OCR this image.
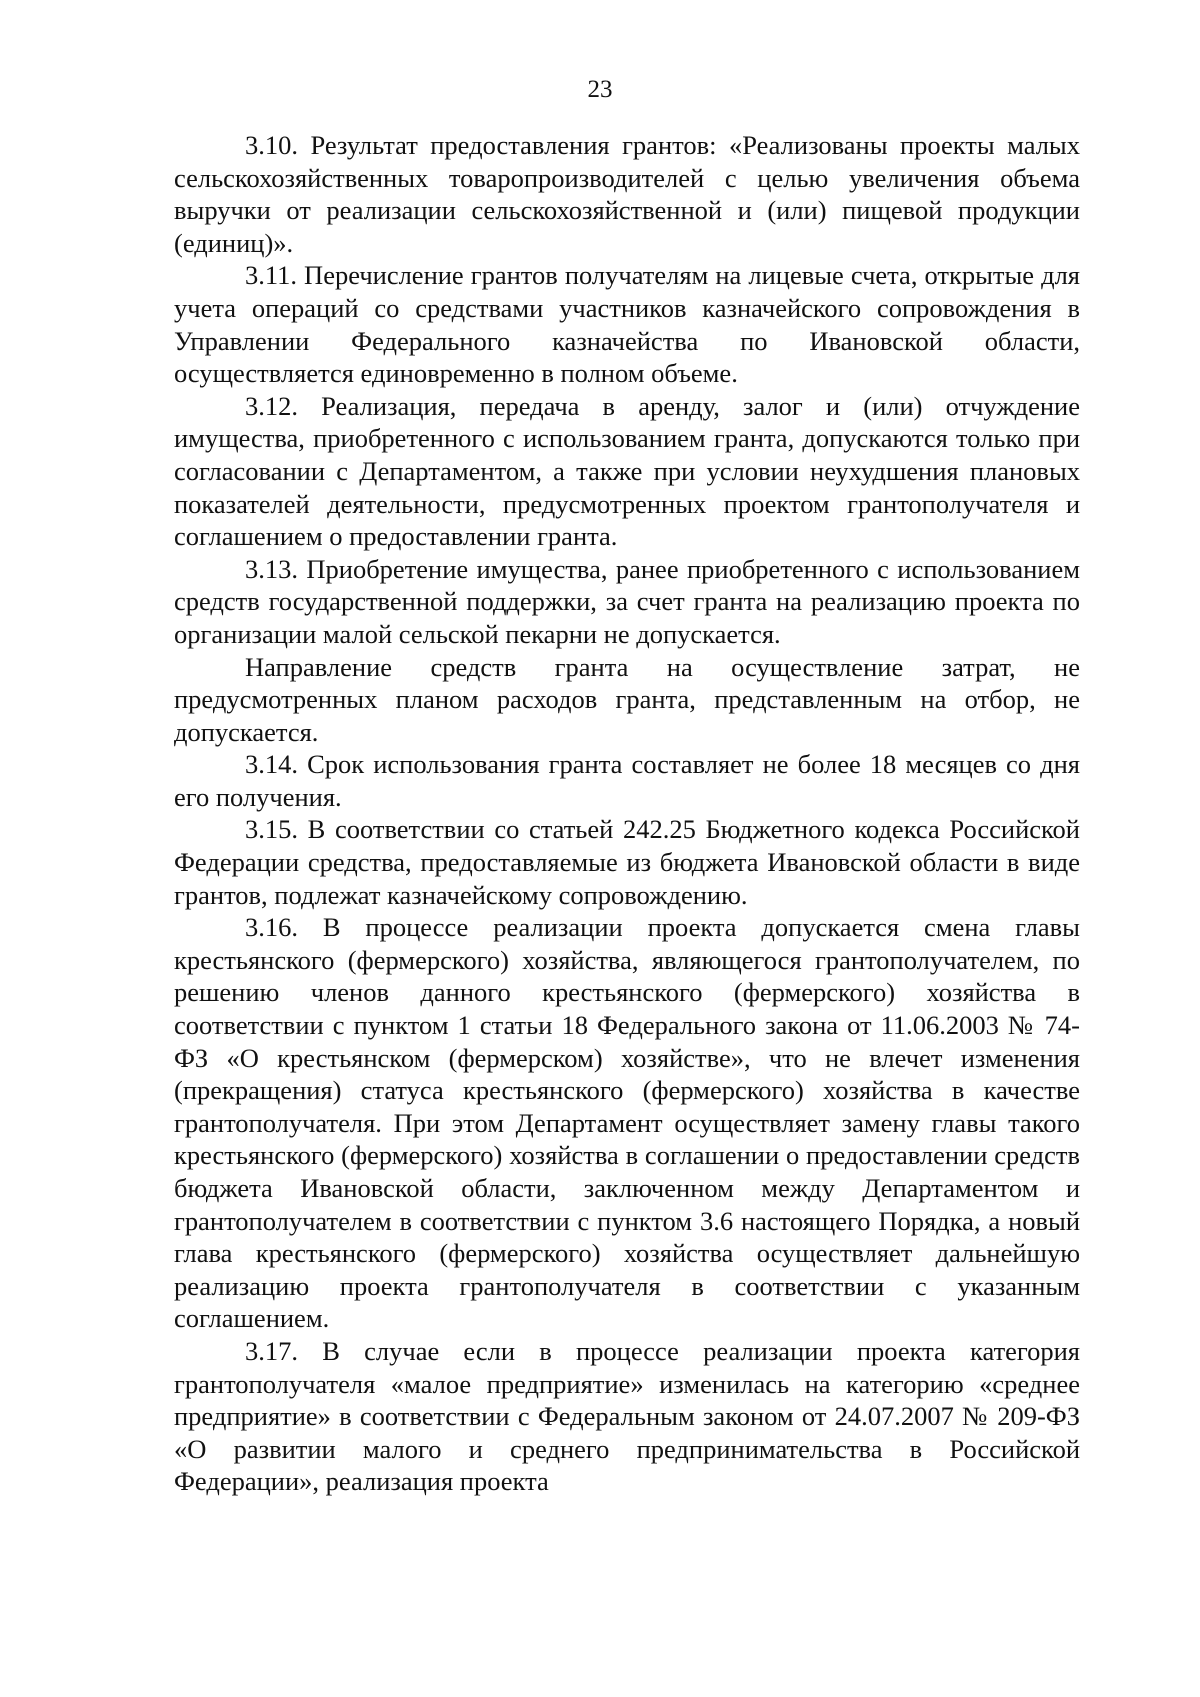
23

3.10. Результат предоставления грантов: «Реализованы проекты малых сельскохозяйственных товаропроизводителей с целью увеличения объема выручки от реализации сельскохозяйственной и (или) пищевой продукции (единиц)».

3.11. Перечисление грантов получателям на лицевые счета, открытые для учета операций со средствами участников казначейского сопровождения в Управлении Федерального казначейства по Ивановской области, осуществляется единовременно в полном объеме.

3.12. Реализация, передача в аренду, залог и (или) отчуждение имущества, приобретенного с использованием гранта, допускаются только при согласовании с Департаментом, а также при условии неухудшения плановых показателей деятельности, предусмотренных проектом грантополучателя и соглашением о предоставлении гранта.

3.13. Приобретение имущества, ранее приобретенного с использованием средств государственной поддержки, за счет гранта на реализацию проекта по организации малой сельской пекарни не допускается.

Направление средств гранта на осуществление затрат, не предусмотренных планом расходов гранта, представленным на отбор, не допускается.

3.14. Срок использования гранта составляет не более 18 месяцев со дня его получения.

3.15. В соответствии со статьей 242.25 Бюджетного кодекса Российской Федерации средства, предоставляемые из бюджета Ивановской области в виде грантов, подлежат казначейскому сопровождению.

3.16. В процессе реализации проекта допускается смена главы крестьянского (фермерского) хозяйства, являющегося грантополучателем, по решению членов данного крестьянского (фермерского) хозяйства в соответствии с пунктом 1 статьи 18 Федерального закона от 11.06.2003 № 74-ФЗ «О крестьянском (фермерском) хозяйстве», что не влечет изменения (прекращения) статуса крестьянского (фермерского) хозяйства в качестве грантополучателя. При этом Департамент осуществляет замену главы такого крестьянского (фермерского) хозяйства в соглашении о предоставлении средств бюджета Ивановской области, заключенном между Департаментом и грантополучателем в соответствии с пунктом 3.6 настоящего Порядка, а новый глава крестьянского (фермерского) хозяйства осуществляет дальнейшую реализацию проекта грантополучателя в соответствии с указанным соглашением.

3.17. В случае если в процессе реализации проекта категория грантополучателя «малое предприятие» изменилась на категорию «среднее предприятие» в соответствии с Федеральным законом от 24.07.2007 № 209-ФЗ «О развитии малого и среднего предпринимательства в Российской Федерации», реализация проекта
